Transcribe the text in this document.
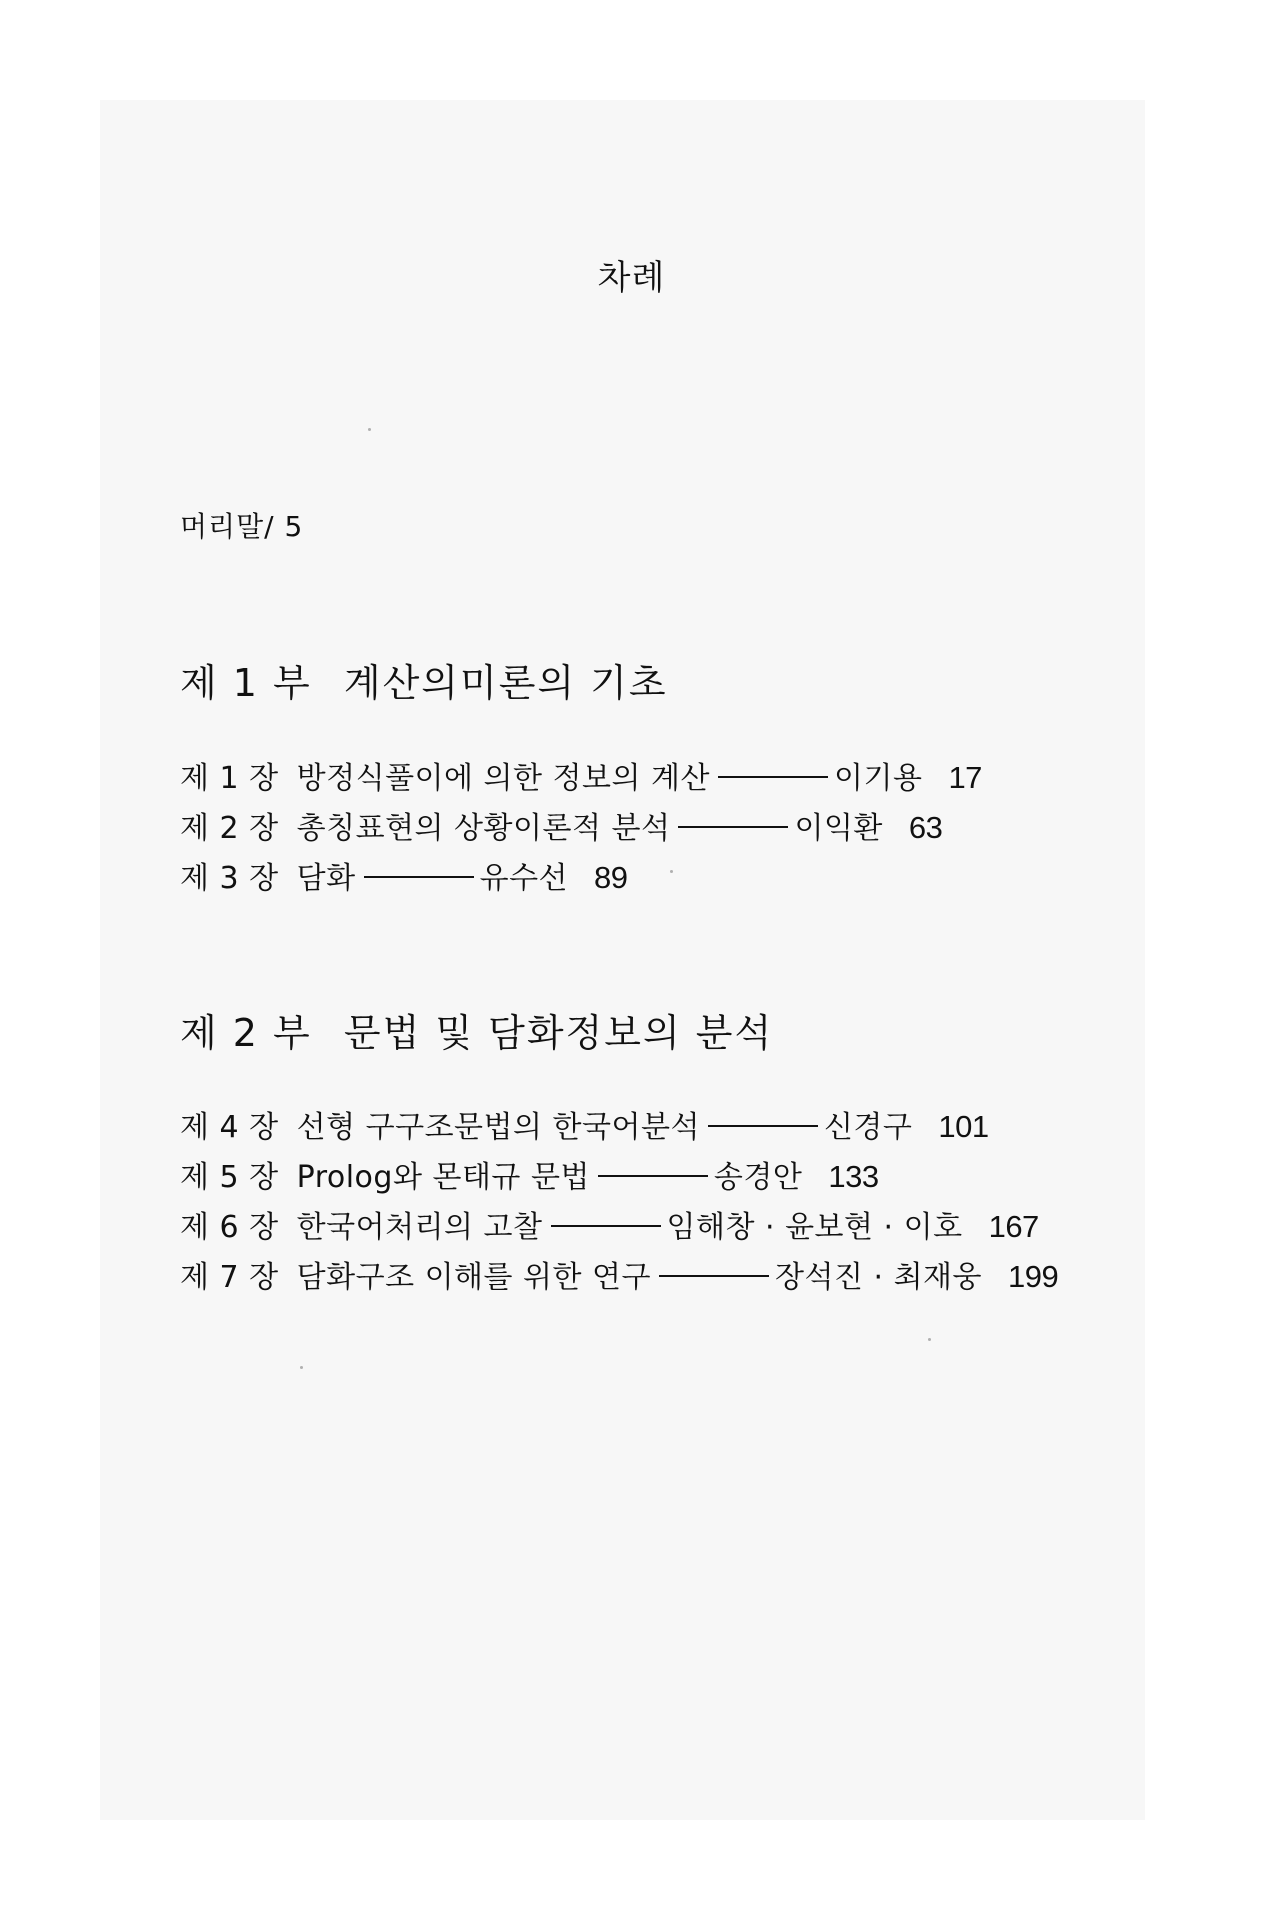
차례
머리말/ 5
제 1 부 계산의미론의 기초
제 1 장 방정식풀이에 의한 정보의 계산	이기용 17
제 2 장 총칭표현의 상황이론적 분석	이익환 63
제 3 장 담화	유수선 89
제 2 부 문법 및 담화정보의 분석
제 4 장 선형 구구조문법의 한국어분석	신경구 101
제 5 장 Prolog와 몬태규 문법	송경안 133
제 6 장 한국어처리의 고찰	임해창 · 윤보현 · 이호 167
제 7 장 담화구조 이해를 위한 연구	장석진 · 최재웅 199
